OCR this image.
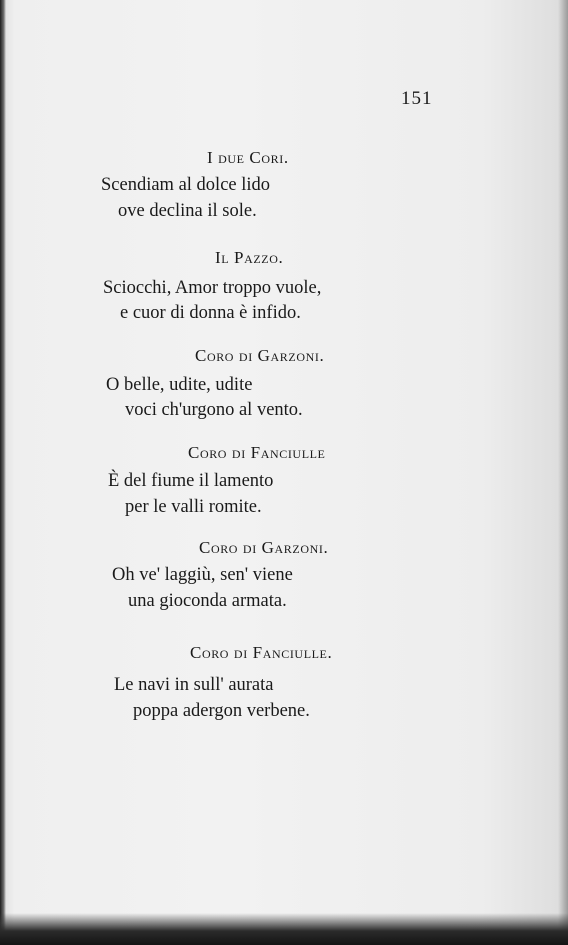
151
I due Cori.
Scendiam al dolce lido
ove declina il sole.
Il Pazzo.
Sciocchi, Amor troppo vuole,
e cuor di donna è infido.
Coro di Garzoni.
O belle, udite, udite
voci ch'urgono al vento.
Coro di Fanciulle
È del fiume il lamento
per le valli romite.
Coro di Garzoni.
Oh ve' laggiù, sen' viene
una gioconda armata.
Coro di Fanciulle.
Le navi in sull' aurata
poppa adergon verbene.
